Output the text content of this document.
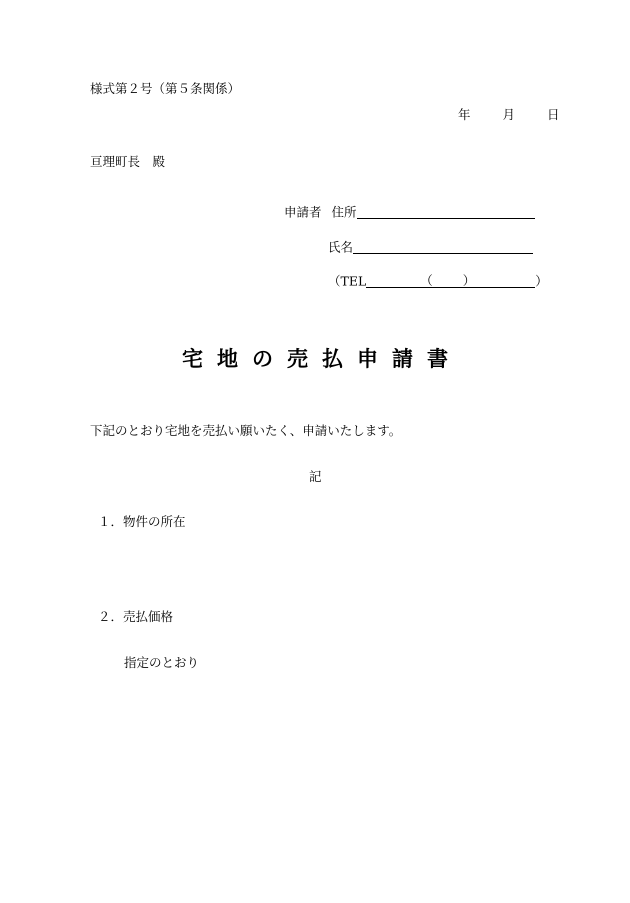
様式第２号（第５条関係）
年	月	日
亘理町長　殿
申請者 住所
氏名
（TEL	（ ）	）
宅地の売払申請書
下記のとおり宅地を売払い願いたく、申請いたします。
記
１．物件の所在
２．売払価格
指定のとおり
